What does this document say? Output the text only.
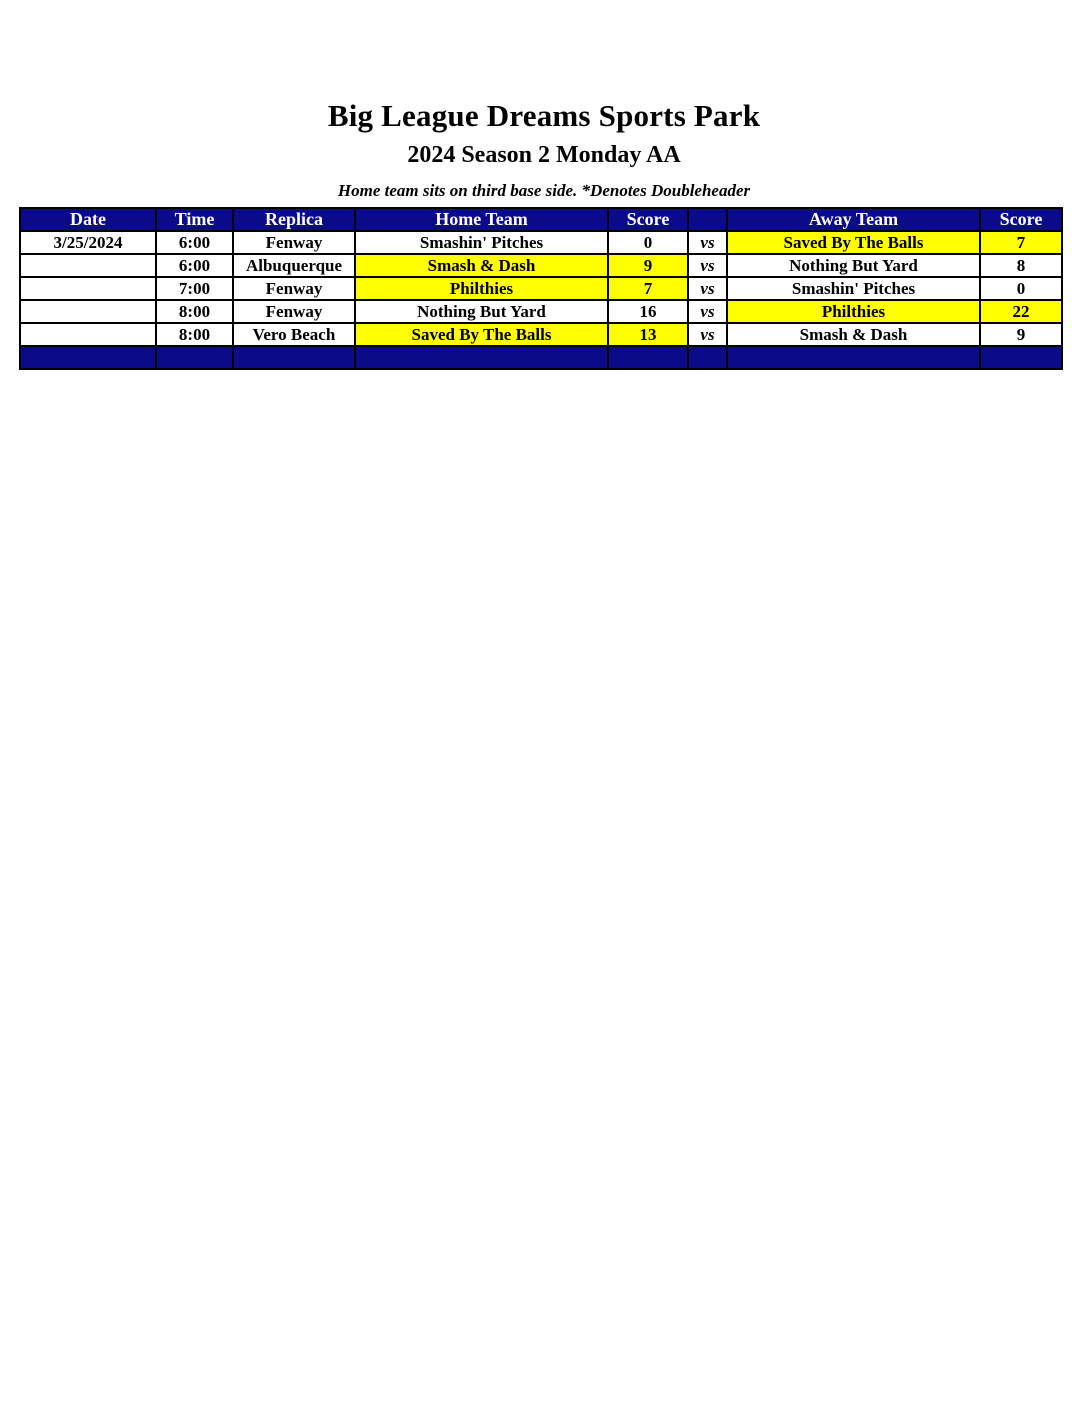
Big League Dreams Sports Park
2024 Season 2 Monday AA
Home team sits on third base side. *Denotes Doubleheader
Date	Time	Replica	Home Team	Score		Away Team	Score
3/25/2024	6:00	Fenway	Smashin' Pitches	0	vs	Saved By The Balls	7
	6:00	Albuquerque	Smash & Dash	9	vs	Nothing But Yard	8
	7:00	Fenway	Philthies	7	vs	Smashin' Pitches	0
	8:00	Fenway	Nothing But Yard	16	vs	Philthies	22
	8:00	Vero Beach	Saved By The Balls	13	vs	Smash & Dash	9
